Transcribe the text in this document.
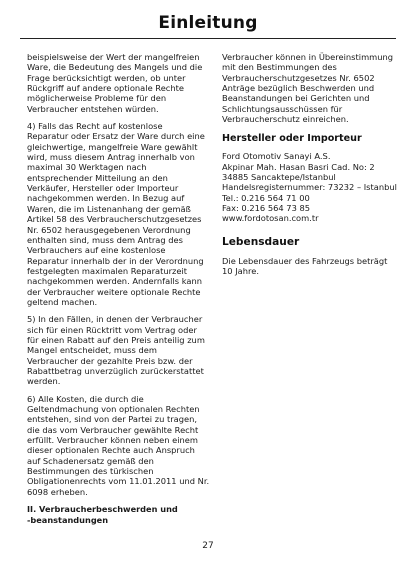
Einleitung

beispielsweise der Wert der mangelfreien
Ware, die Bedeutung des Mangels und die
Frage berücksichtigt werden, ob unter
Rückgriff auf andere optionale Rechte
möglicherweise Probleme für den
Verbraucher entstehen würden.

4) Falls das Recht auf kostenlose
Reparatur oder Ersatz der Ware durch eine
gleichwertige, mangelfreie Ware gewählt
wird, muss diesem Antrag innerhalb von
maximal 30 Werktagen nach
entsprechender Mitteilung an den
Verkäufer, Hersteller oder Importeur
nachgekommen werden. In Bezug auf
Waren, die im Listenanhang der gemäß
Artikel 58 des Verbraucherschutzgesetzes
Nr. 6502 herausgegebenen Verordnung
enthalten sind, muss dem Antrag des
Verbrauchers auf eine kostenlose
Reparatur innerhalb der in der Verordnung
festgelegten maximalen Reparaturzeit
nachgekommen werden. Andernfalls kann
der Verbraucher weitere optionale Rechte
geltend machen.

5) In den Fällen, in denen der Verbraucher
sich für einen Rücktritt vom Vertrag oder
für einen Rabatt auf den Preis anteilig zum
Mangel entscheidet, muss dem
Verbraucher der gezahlte Preis bzw. der
Rabattbetrag unverzüglich zurückerstattet
werden.

6) Alle Kosten, die durch die
Geltendmachung von optionalen Rechten
entstehen, sind von der Partei zu tragen,
die das vom Verbraucher gewählte Recht
erfüllt. Verbraucher können neben einem
dieser optionalen Rechte auch Anspruch
auf Schadenersatz gemäß den
Bestimmungen des türkischen
Obligationenrechts vom 11.01.2011 und Nr.
6098 erheben.

II. Verbraucherbeschwerden und
-beanstandungen

Verbraucher können in Übereinstimmung
mit den Bestimmungen des
Verbraucherschutzgesetzes Nr. 6502
Anträge bezüglich Beschwerden und
Beanstandungen bei Gerichten und
Schlichtungsausschüssen für
Verbraucherschutz einreichen.

Hersteller oder Importeur

Ford Otomotiv Sanayi A.S.
Akpinar Mah. Hasan Basri Cad. No: 2
34885 Sancaktepe/Istanbul
Handelsregisternummer: 73232 – Istanbul
Tel.: 0.216 564 71 00
Fax: 0.216 564 73 85
www.fordotosan.com.tr

Lebensdauer

Die Lebensdauer des Fahrzeugs beträgt
10 Jahre.

27
